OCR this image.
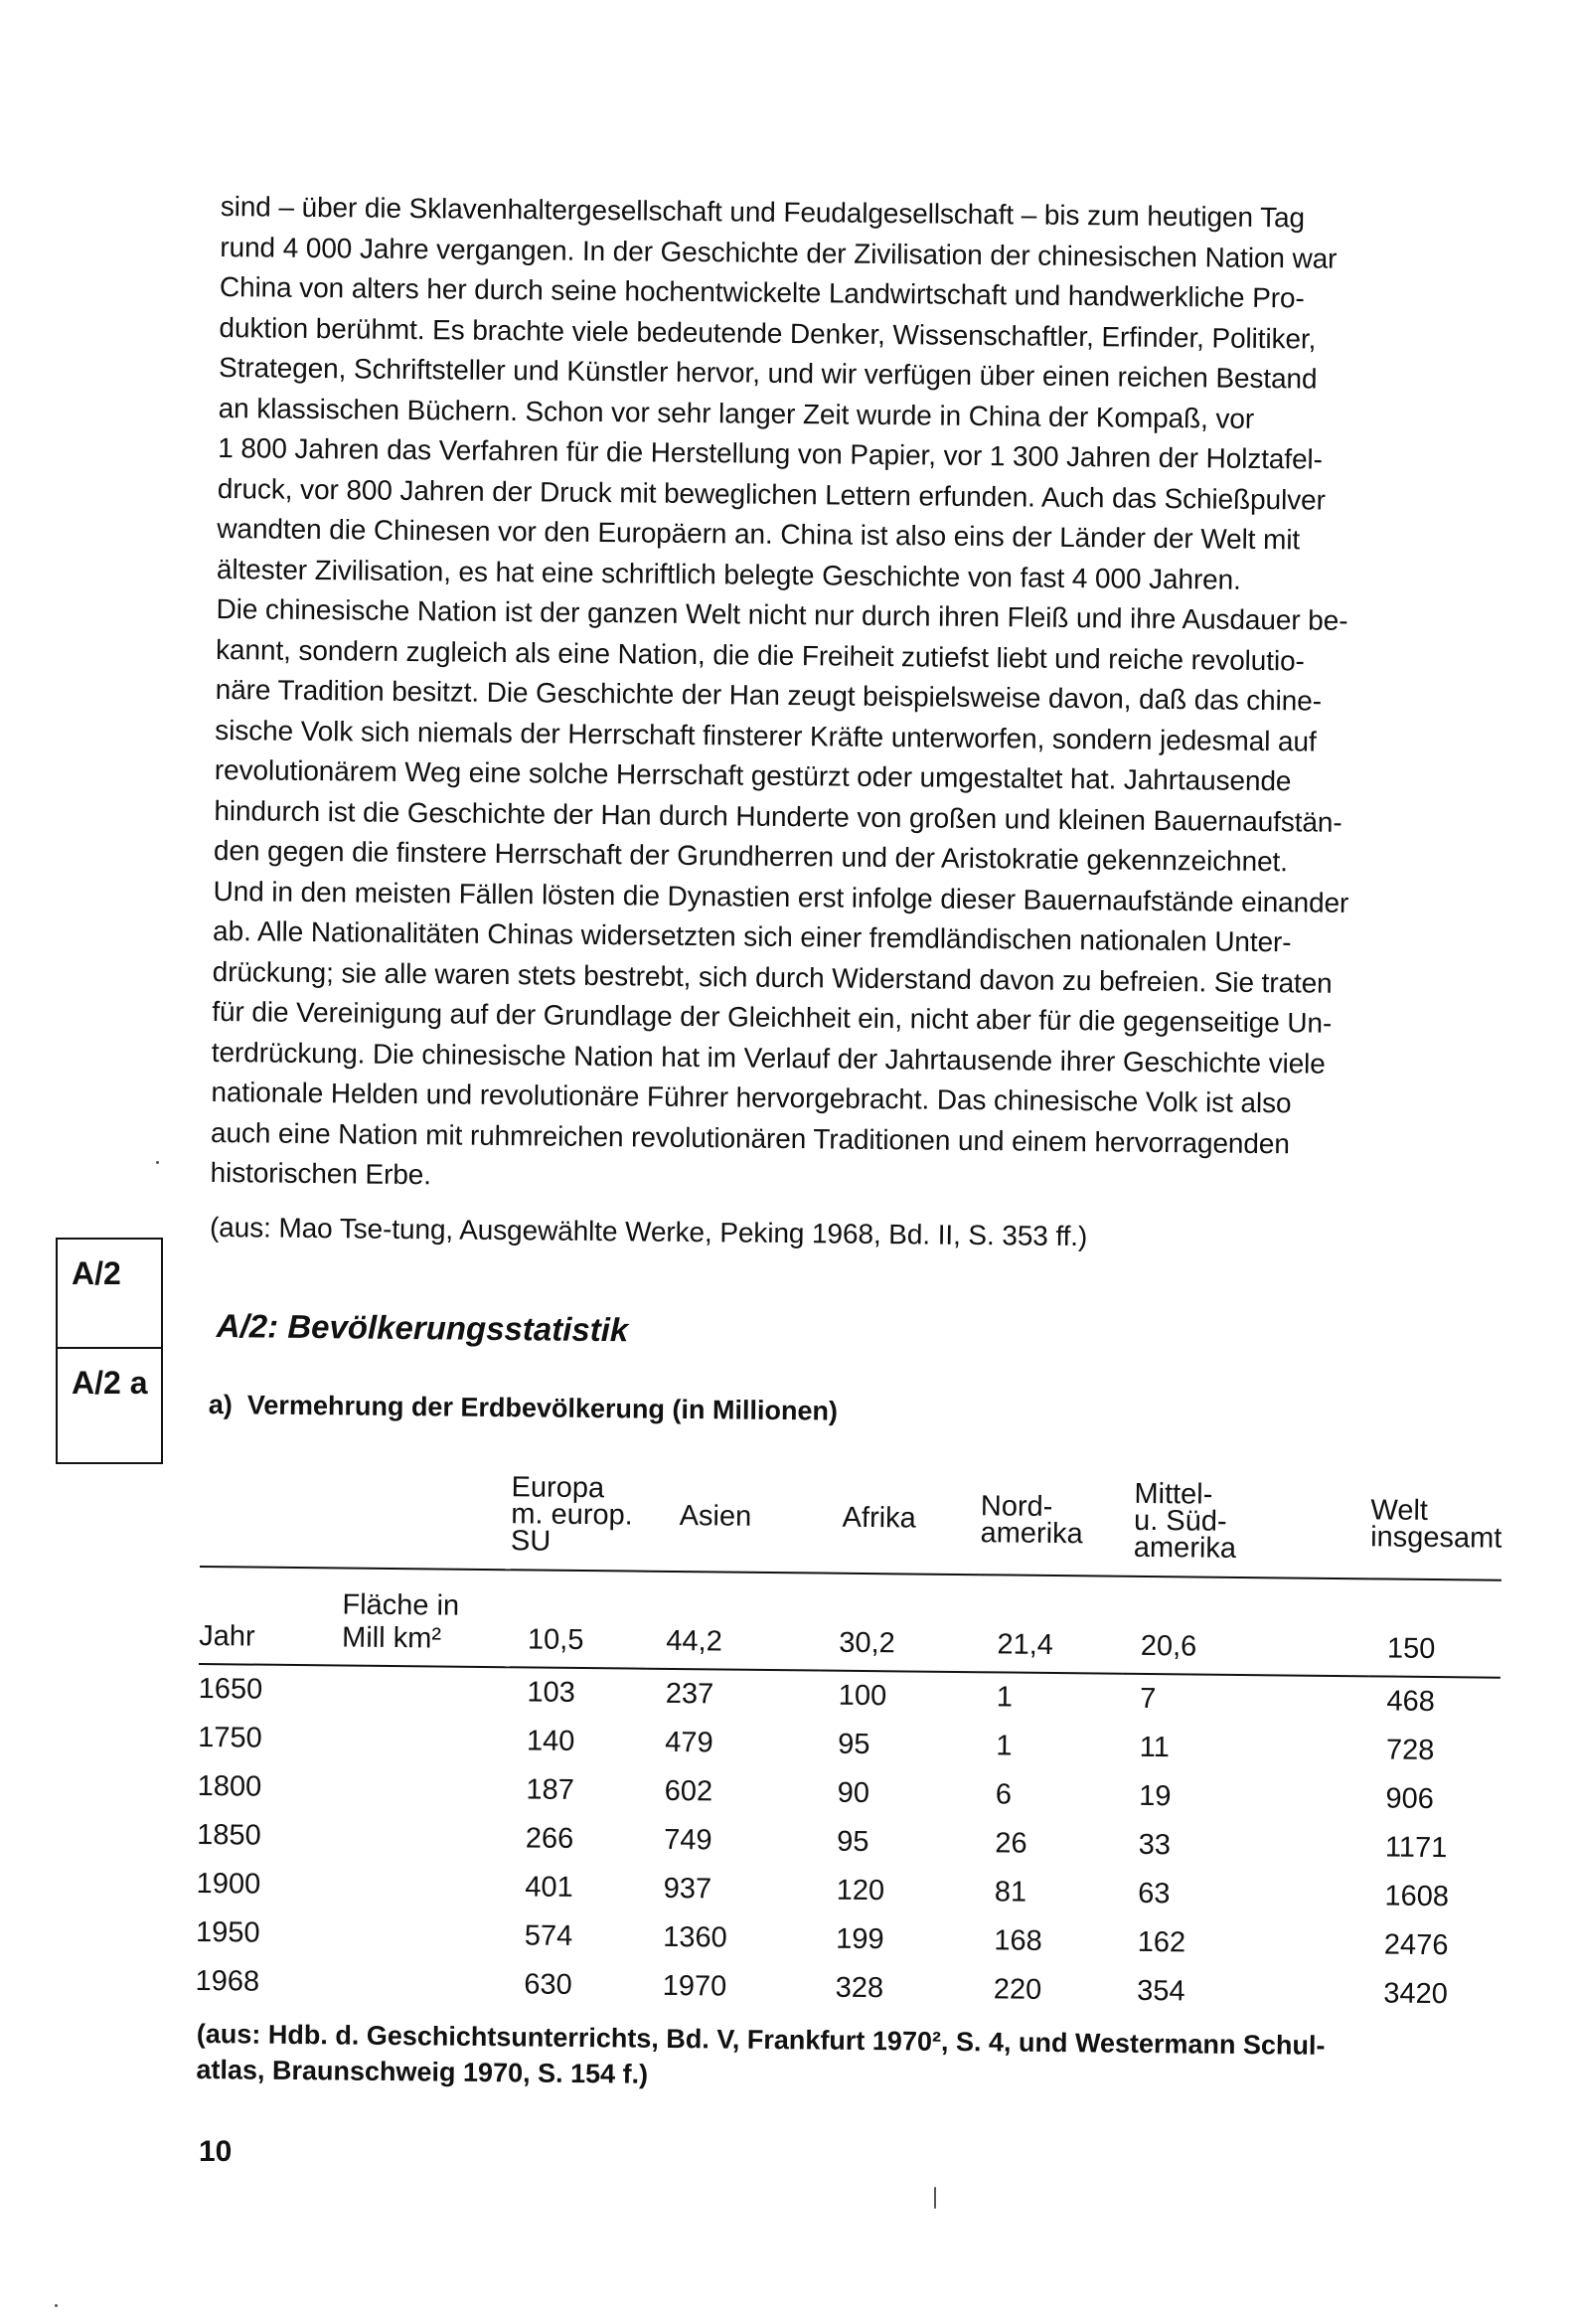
sind – über die Sklavenhaltergesellschaft und Feudalgesellschaft – bis zum heutigen Tag

rund 4 000 Jahre vergangen. In der Geschichte der Zivilisation der chinesischen Nation war

China von alters her durch seine hochentwickelte Landwirtschaft und handwerkliche Pro-

duktion berühmt. Es brachte viele bedeutende Denker, Wissenschaftler, Erfinder, Politiker,

Strategen, Schriftsteller und Künstler hervor, und wir verfügen über einen reichen Bestand

an klassischen Büchern. Schon vor sehr langer Zeit wurde in China der Kompaß, vor

1 800 Jahren das Verfahren für die Herstellung von Papier, vor 1 300 Jahren der Holztafel-

druck, vor 800 Jahren der Druck mit beweglichen Lettern erfunden. Auch das Schießpulver

wandten die Chinesen vor den Europäern an. China ist also eins der Länder der Welt mit

ältester Zivilisation, es hat eine schriftlich belegte Geschichte von fast 4 000 Jahren.

Die chinesische Nation ist der ganzen Welt nicht nur durch ihren Fleiß und ihre Ausdauer be-

kannt, sondern zugleich als eine Nation, die die Freiheit zutiefst liebt und reiche revolutio-

näre Tradition besitzt. Die Geschichte der Han zeugt beispielsweise davon, daß das chine-

sische Volk sich niemals der Herrschaft finsterer Kräfte unterworfen, sondern jedesmal auf

revolutionärem Weg eine solche Herrschaft gestürzt oder umgestaltet hat. Jahrtausende

hindurch ist die Geschichte der Han durch Hunderte von großen und kleinen Bauernaufstän-

den gegen die finstere Herrschaft der Grundherren und der Aristokratie gekennzeichnet.

Und in den meisten Fällen lösten die Dynastien erst infolge dieser Bauernaufstände einander

ab. Alle Nationalitäten Chinas widersetzten sich einer fremdländischen nationalen Unter-

drückung; sie alle waren stets bestrebt, sich durch Widerstand davon zu befreien. Sie traten

für die Vereinigung auf der Grundlage der Gleichheit ein, nicht aber für die gegenseitige Un-

terdrückung. Die chinesische Nation hat im Verlauf der Jahrtausende ihrer Geschichte viele

nationale Helden und revolutionäre Führer hervorgebracht. Das chinesische Volk ist also

auch eine Nation mit ruhmreichen revolutionären Traditionen und einem hervorragenden

historischen Erbe.

(aus: Mao Tse-tung, Ausgewählte Werke, Peking 1968, Bd. II, S. 353 ff.)

A/2
A/2 a
A/2: Bevölkerungsstatistik
a) Vermehrung der Erdbevölkerung (in Millionen)
		Europa
m. europ.
SU	Asien	Afrika	Nord-
amerika	Mittel-
u. Süd-
amerika	Welt
insgesamt
Jahr	Fläche in
Mill km²	10,5	44,2	30,2	21,4	20,6	150
1650		103	237	100	1	7	468
1750		140	479	95	1	11	728
1800		187	602	90	6	19	906
1850		266	749	95	26	33	1171
1900		401	937	120	81	63	1608
1950		574	1360	199	168	162	2476
1968		630	1970	328	220	354	3420
(aus: Hdb. d. Geschichtsunterrichts, Bd. V, Frankfurt 1970², S. 4, und Westermann Schul-
atlas, Braunschweig 1970, S. 154 f.)
10
